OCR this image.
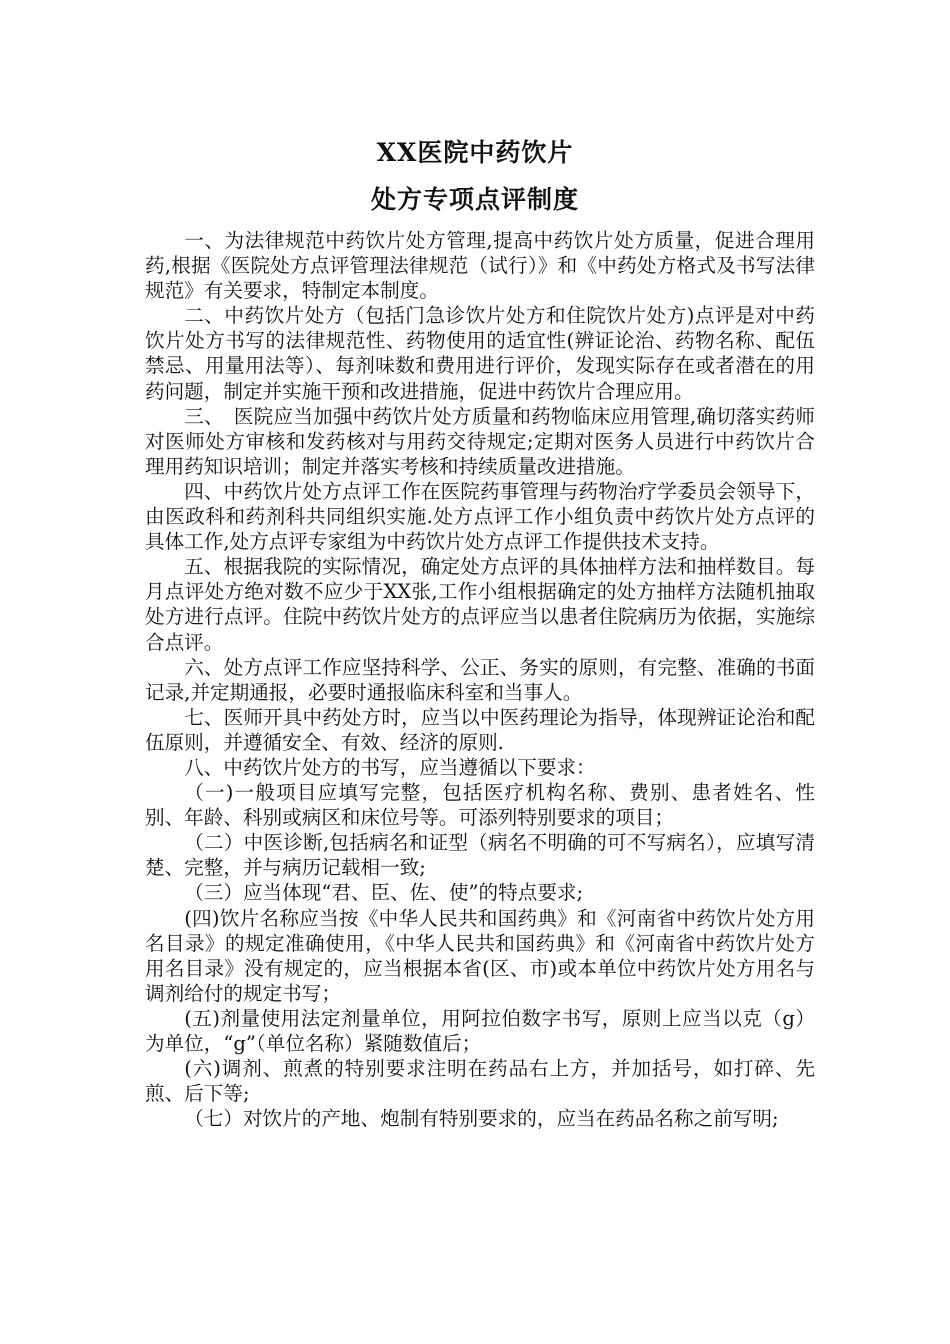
XX医院中药饮片
处方专项点评制度

一、为法律规范中药饮片处方管理,提高中药饮片处方质量，促进合理用药,根据《医院处方点评管理法律规范（试行）》和《中药处方格式及书写法律规范》有关要求，特制定本制度。

二、中药饮片处方（包括门急诊饮片处方和住院饮片处方)点评是对中药饮片处方书写的法律规范性、药物使用的适宜性(辨证论治、药物名称、配伍禁忌、用量用法等）、每剂味数和费用进行评价，发现实际存在或者潜在的用药问题，制定并实施干预和改进措施，促进中药饮片合理应用。

三、　医院应当加强中药饮片处方质量和药物临床应用管理,确切落实药师对医师处方审核和发药核对与用药交待规定;定期对医务人员进行中药饮片合理用药知识培训；制定并落实考核和持续质量改进措施。

四、中药饮片处方点评工作在医院药事管理与药物治疗学委员会领导下，由医政科和药剂科共同组织实施.处方点评工作小组负责中药饮片处方点评的具体工作,处方点评专家组为中药饮片处方点评工作提供技术支持。

五、根据我院的实际情况，确定处方点评的具体抽样方法和抽样数目。每月点评处方绝对数不应少于XX张,工作小组根据确定的处方抽样方法随机抽取处方进行点评。住院中药饮片处方的点评应当以患者住院病历为依据，实施综合点评。

六、处方点评工作应坚持科学、公正、务实的原则，有完整、准确的书面记录,并定期通报，必要时通报临床科室和当事人。

七、医师开具中药处方时，应当以中医药理论为指导，体现辨证论治和配伍原则，并遵循安全、有效、经济的原则.

八、中药饮片处方的书写，应当遵循以下要求：

（一)一般项目应填写完整，包括医疗机构名称、费别、患者姓名、性别、年龄、科别或病区和床位号等。可添列特别要求的项目；

（二）中医诊断,包括病名和证型（病名不明确的可不写病名），应填写清楚、完整，并与病历记载相一致;

（三）应当体现“君、臣、佐、使”的特点要求;

(四)饮片名称应当按《中华人民共和国药典》和《河南省中药饮片处方用名目录》的规定准确使用，《中华人民共和国药典》和《河南省中药饮片处方用名目录》没有规定的，应当根据本省(区、市)或本单位中药饮片处方用名与调剂给付的规定书写；

(五)剂量使用法定剂量单位，用阿拉伯数字书写，原则上应当以克（g）为单位，“g”（单位名称）紧随数值后；

(六)调剂、煎煮的特别要求注明在药品右上方，并加括号，如打碎、先煎、后下等;

（七）对饮片的产地、炮制有特别要求的，应当在药品名称之前写明;
